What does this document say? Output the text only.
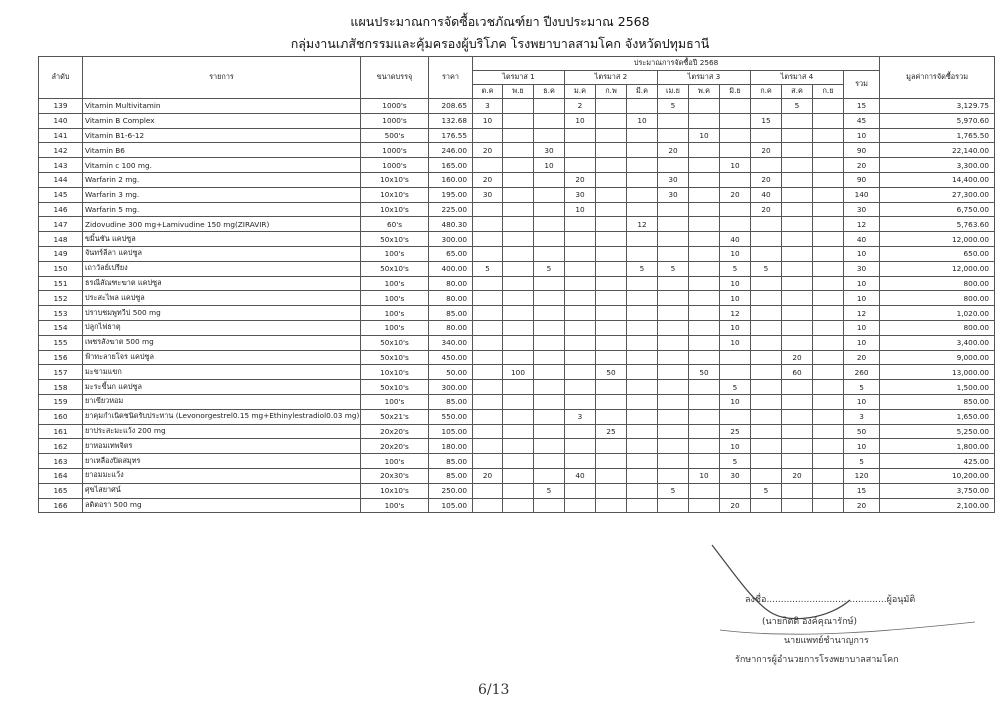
แผนประมาณการจัดซื้อเวชภัณฑ์ยา ปีงบประมาณ 2568
กลุ่มงานเภสัชกรรมและคุ้มครองผู้บริโภค โรงพยาบาลสามโคก จังหวัดปทุมธานี
ลำดับ	รายการ	ขนาดบรรจุ	ราคา	ประมาณการจัดซื้อปี 2568													มูลค่าการจัดซื้อรวม
				ไตรมาส 1			ไตรมาส 2			ไตรมาส 3			ไตรมาส 4			รวม	
				ต.ค	พ.ย	ธ.ค	ม.ค	ก.พ	มี.ค	เม.ย	พ.ค	มิ.ย	ก.ค	ส.ค	ก.ย		
139	Vitamin Multivitamin	1000's	208.65	3			2			5				5		15	3,129.75
140	Vitamin B Complex	1000's	132.68	10			10		10				15			45	5,970.60
141	Vitamin B1-6-12	500's	176.55								10					10	1,765.50
142	Vitamin B6	1000's	246.00	20		30				20			20			90	22,140.00
143	Vitamin c 100 mg.	1000's	165.00			10						10				20	3,300.00
144	Warfarin 2 mg.	10x10's	160.00	20			20			30			20			90	14,400.00
145	Warfarin 3 mg.	10x10's	195.00	30			30			30		20	40			140	27,300.00
146	Warfarin 5 mg.	10x10's	225.00				10						20			30	6,750.00
147	Zidovudine 300 mg+Lamivudine 150 mg(ZIRAVIR)	60's	480.30						12							12	5,763.60
148	ขมิ้นชัน แคปซูล	50x10's	300.00									40				40	12,000.00
149	จันทร์ลีลา แคปซูล	100's	65.00									10				10	650.00
150	เถาวัลย์เปรียง	50x10's	400.00	5		5			5	5		5	5			30	12,000.00
151	ธรณีสัณฑะฆาต แคปซูล	100's	80.00									10				10	800.00
152	ประสะไพล แคปซูล	100's	80.00									10				10	800.00
153	ปราบชมพูทวีป 500 mg	100's	85.00									12				12	1,020.00
154	ปลูกไฟธาตุ	100's	80.00									10				10	800.00
155	เพชรสังฆาต 500 mg	50x10's	340.00									10				10	3,400.00
156	ฟ้าทะลายโจร แคปซูล	50x10's	450.00											20		20	9,000.00
157	มะขามแขก	10x10's	50.00		100			50			50			60		260	13,000.00
158	มะระขี้นก แคปซูล	50x10's	300.00									5				5	1,500.00
159	ยาเขียวหอม	100's	85.00									10				10	850.00
160	ยาคุมกำเนิดชนิดรับประทาน (Levonorgestrel0.15 mg+Ethinylestradiol0.03 mg)	50x21's	550.00				3									3	1,650.00
161	ยาประสะมะแว้ง 200 mg	20x20's	105.00					25				25				50	5,250.00
162	ยาหอมเทพจิตร	20x20's	180.00									10				10	1,800.00
163	ยาเหลืองปิดสมุทร	100's	85.00									5				5	425.00
164	ยาอมมะแว้ง	20x30's	85.00	20			40				10	30		20		120	10,200.00
165	ศุขไสยาศน์	10x10's	250.00			5				5			5			15	3,750.00
166	ลดิตอรา 500 mg	100's	105.00									20				20	2,100.00
ลงชื่อ..........................................ผู้อนุมัติ
(นายกิตติ องค์คุณารักษ์)
นายแพทย์ชำนาญการ
รักษาการผู้อำนวยการโรงพยาบาลสามโคก
6/13
